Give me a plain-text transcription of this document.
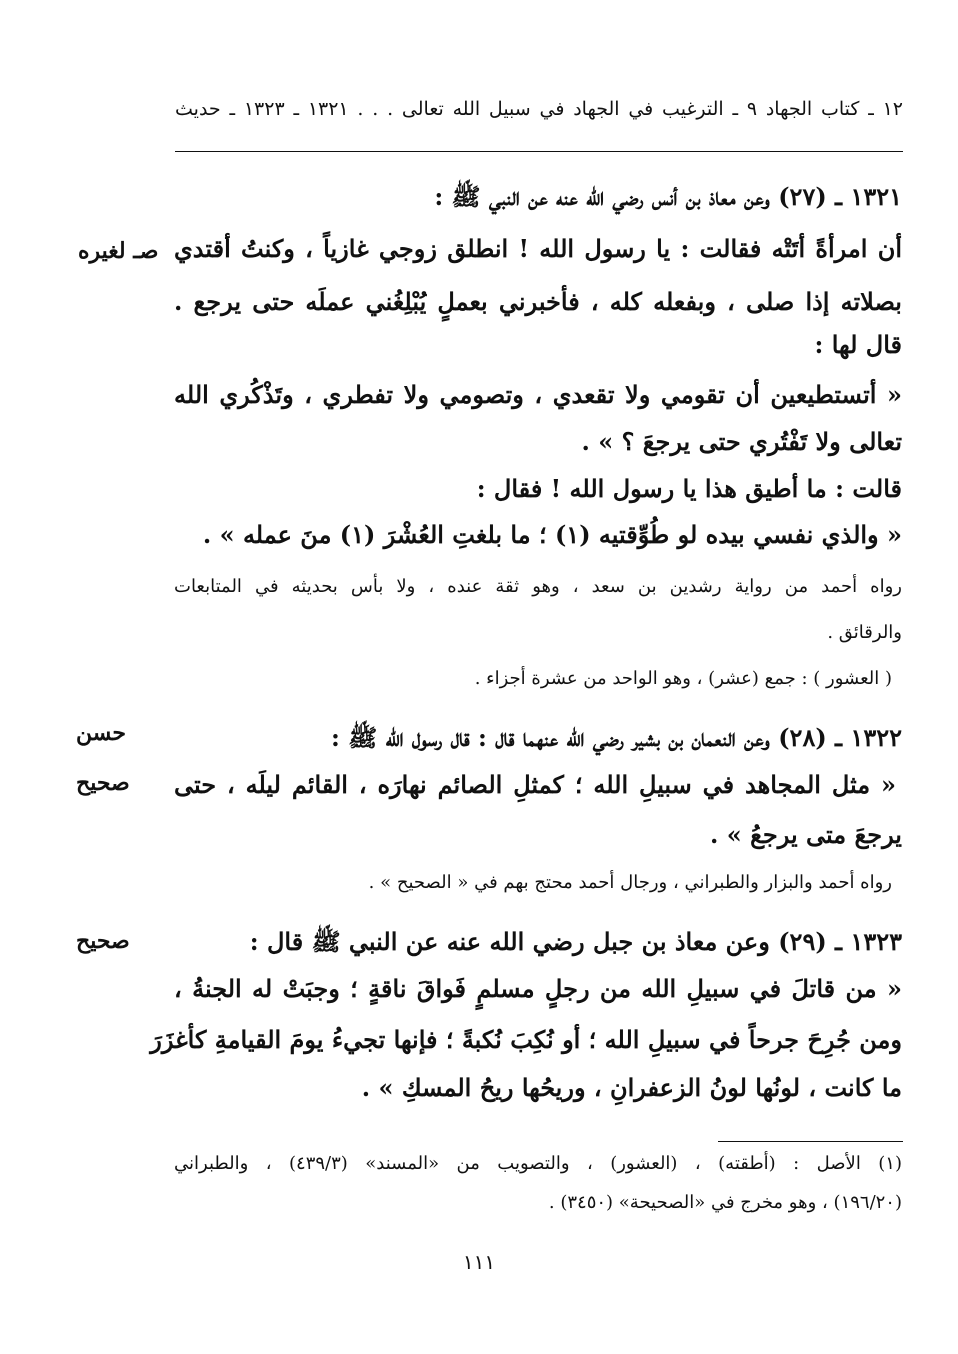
١٢ ـ كتاب الجهاد ٩ ـ الترغيب في الجهاد في سبيل الله تعالى . . . ١٣٢١ ـ ١٣٢٣ ـ حديث
١٣٢١ ـ (٢٧) وعن معاذ بن أنس رضي الله عنه عن النبي ﷺ :
أن امرأةً أتَتْه فقالت : يا رسول الله ! انطلق زوجي غازياً ، وكنتُ أقتدي
صـ لغيره
بصلاته إذا صلى ، وبفعله كله ، فأخبرني بعملٍ يُبْلِغُني عملَه حتى يرجع .
قال لها :
« أتستطيعين أن تقومي ولا تقعدي ، وتصومي ولا تفطري ، وتَذْكُري الله
تعالى ولا تَفْتُري حتى يرجعَ ؟ » .
قالت : ما أطيق هذا يا رسول الله ! فقال :
« والذي نفسي بيده لو طُوِّقتيه (١) ؛ ما بلغتِ العُشْرَ (١) منَ عمله » .
رواه أحمد من رواية رشدين بن سعد ، وهو ثقة عنده ، ولا بأس بحديثه في المتابعات
والرقائق .
( العشور ) : جمع (عشر) ، وهو الواحد من عشرة أجزاء .
١٣٢٢ ـ (٢٨) وعن النعمان بن بشير رضي الله عنهما قال : قال رسول الله ﷺ :
حسن
« مثل المجاهد في سبيلِ الله ؛ كمثلِ الصائم نهارَه ، القائم ليلَه ، حتى
صحيح
يرجعَ متى يرجعُ » .
رواه أحمد والبزار والطبراني ، ورجال أحمد محتج بهم في « الصحيح » .
١٣٢٣ ـ (٢٩) وعن معاذ بن جبل رضي الله عنه عن النبي ﷺ قال :
صحيح
« من قاتلَ في سبيلِ الله من رجلٍ مسلمٍ فَواقَ ناقةٍ ؛ وجبَتْ له الجنةُ ،
ومن جُرِحَ جرحاً في سبيلِ الله ؛ أو نُكِبَ نُكبةً ؛ فإنها تجيءُ يومَ القيامةِ كأغزَرَ
ما كانت ، لونُها لونُ الزعفرانِ ، وريحُها ريحُ المسكِ » .
(١) الأصل : (أطقته) ، (العشور) ، والتصويب من «المسند» (٤٣٩/٣) ، والطبراني
(١٩٦/٢٠) ، وهو مخرج في «الصحيحة» (٣٤٥٠) .
١١١
